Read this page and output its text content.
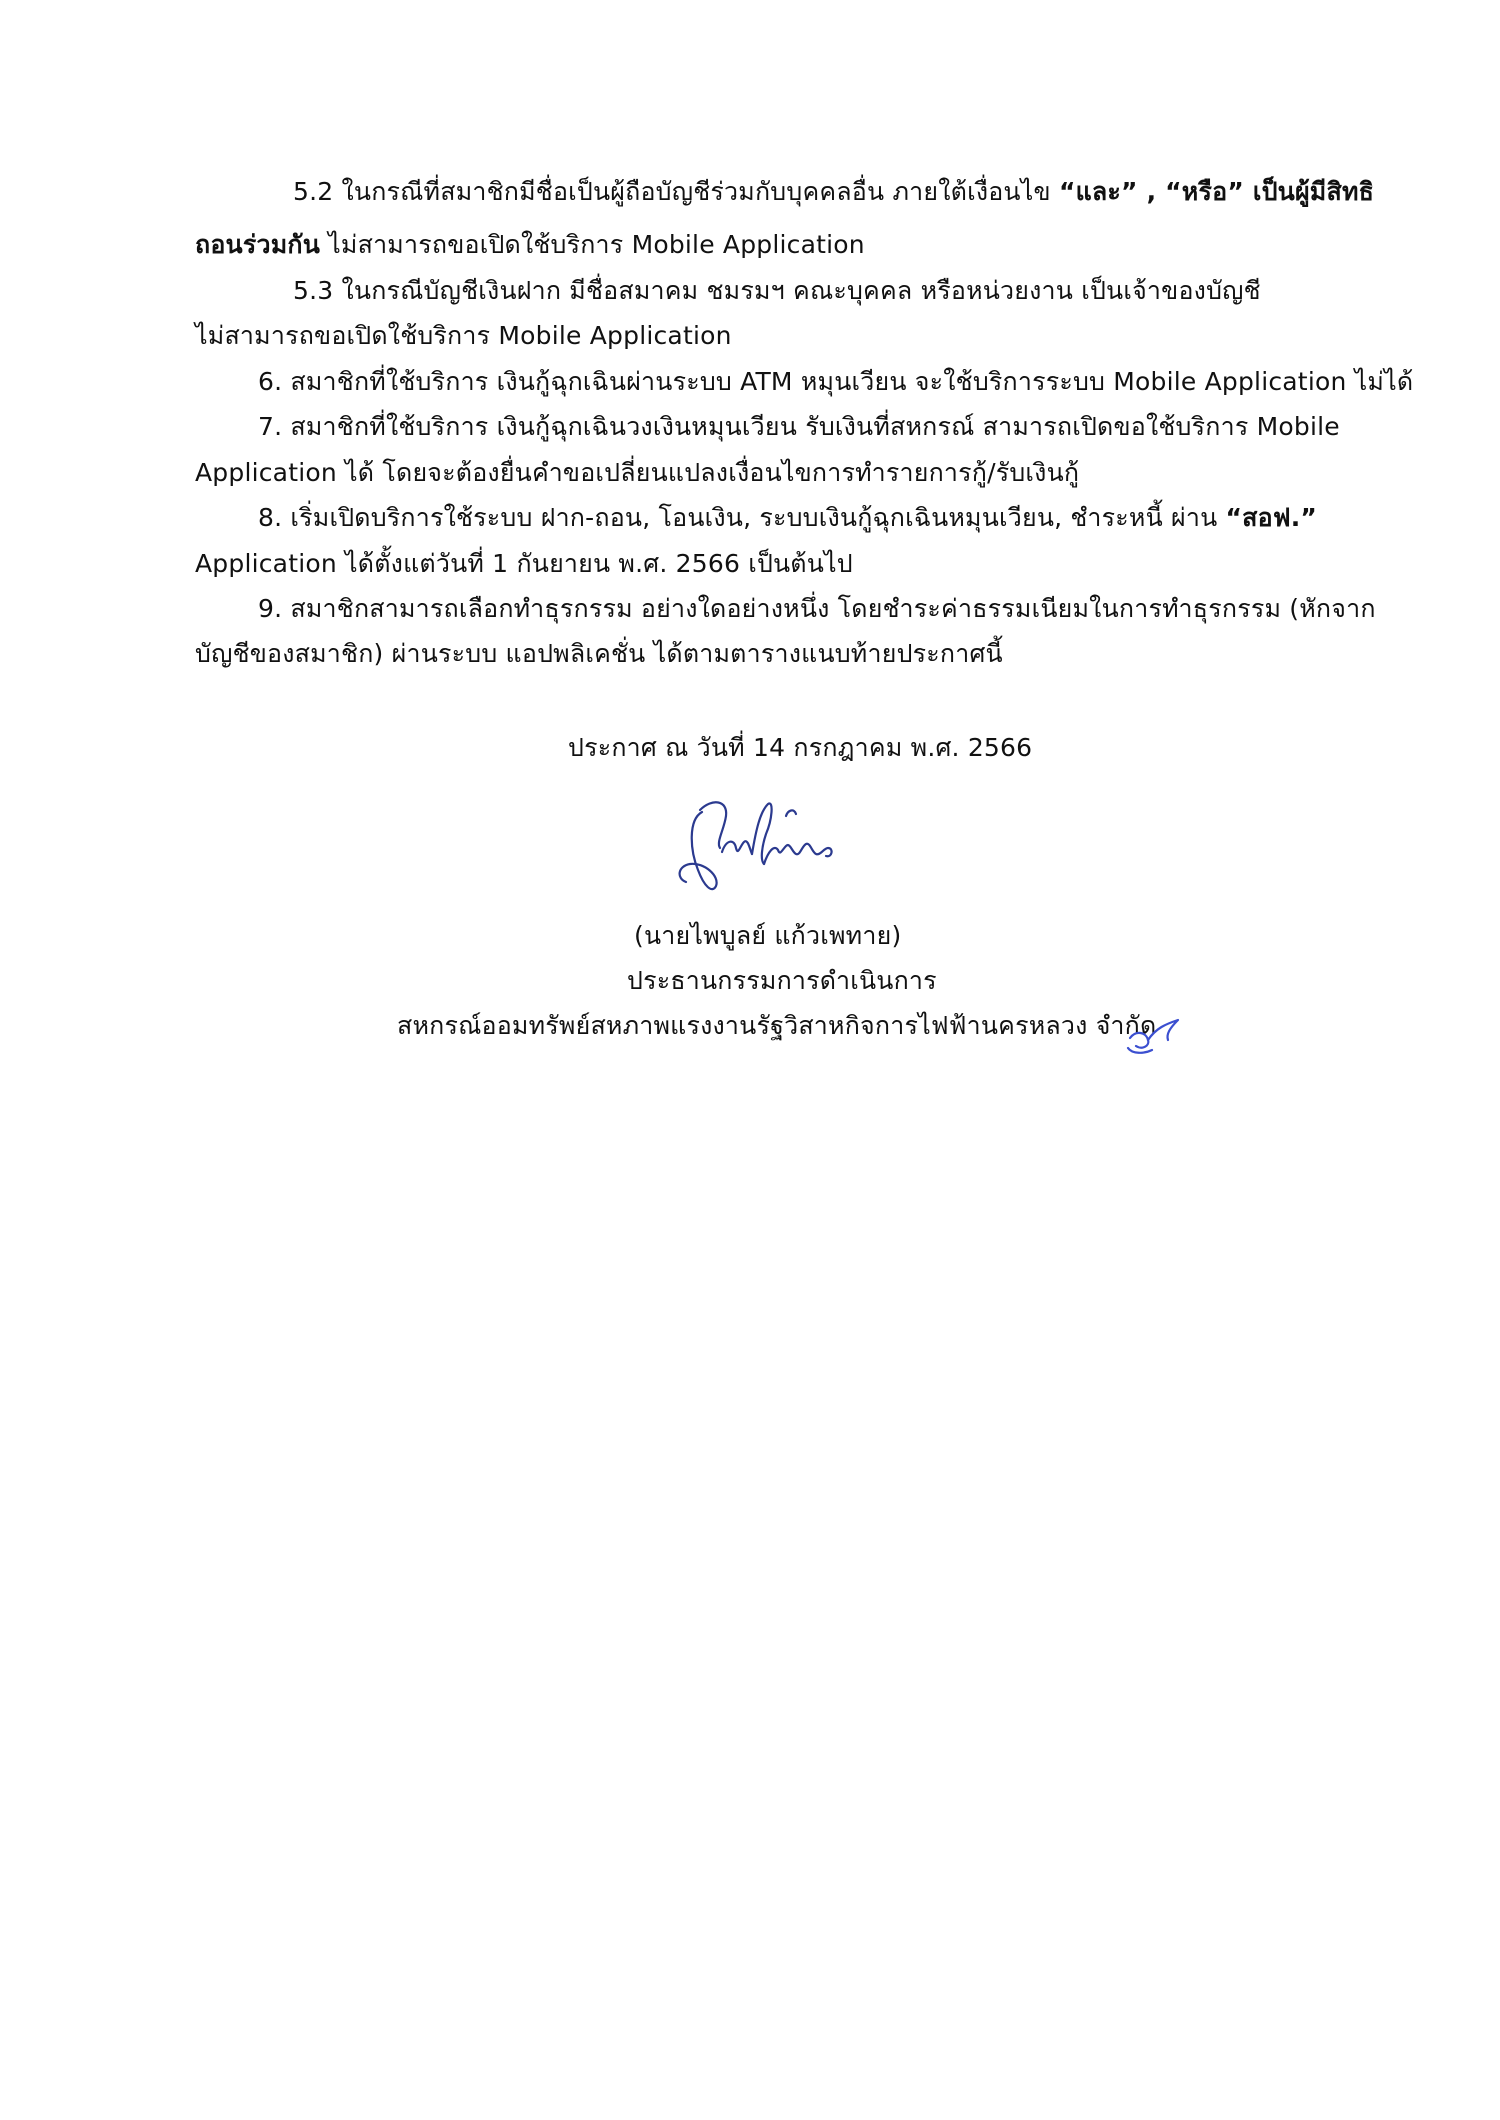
5.2 ในกรณีที่สมาชิกมีชื่อเป็นผู้ถือบัญชีร่วมกับบุคคลอื่น ภายใต้เงื่อนไข “และ” , “หรือ” เป็นผู้มีสิทธิ
ถอนร่วมกัน ไม่สามารถขอเปิดใช้บริการ Mobile Application
5.3 ในกรณีบัญชีเงินฝาก มีชื่อสมาคม ชมรมฯ คณะบุคคล หรือหน่วยงาน เป็นเจ้าของบัญชี
ไม่สามารถขอเปิดใช้บริการ Mobile Application
6. สมาชิกที่ใช้บริการ เงินกู้ฉุกเฉินผ่านระบบ ATM หมุนเวียน จะใช้บริการระบบ Mobile Application ไม่ได้
7. สมาชิกที่ใช้บริการ เงินกู้ฉุกเฉินวงเงินหมุนเวียน รับเงินที่สหกรณ์ สามารถเปิดขอใช้บริการ Mobile
Application ได้ โดยจะต้องยื่นคำขอเปลี่ยนแปลงเงื่อนไขการทำรายการกู้/รับเงินกู้
8. เริ่มเปิดบริการใช้ระบบ ฝาก-ถอน, โอนเงิน, ระบบเงินกู้ฉุกเฉินหมุนเวียน, ชำระหนี้ ผ่าน “สอฟ.”
Application ได้ตั้งแต่วันที่ 1 กันยายน พ.ศ. 2566 เป็นต้นไป
9. สมาชิกสามารถเลือกทำธุรกรรม อย่างใดอย่างหนึ่ง โดยชำระค่าธรรมเนียมในการทำธุรกรรม (หักจาก
บัญชีของสมาชิก) ผ่านระบบ แอปพลิเคชั่น ได้ตามตารางแนบท้ายประกาศนี้
ประกาศ ณ วันที่ 14 กรกฎาคม พ.ศ. 2566
(นายไพบูลย์ แก้วเพทาย)
ประธานกรรมการดำเนินการ
สหกรณ์ออมทรัพย์สหภาพแรงงานรัฐวิสาหกิจการไฟฟ้านครหลวง จำกัด
